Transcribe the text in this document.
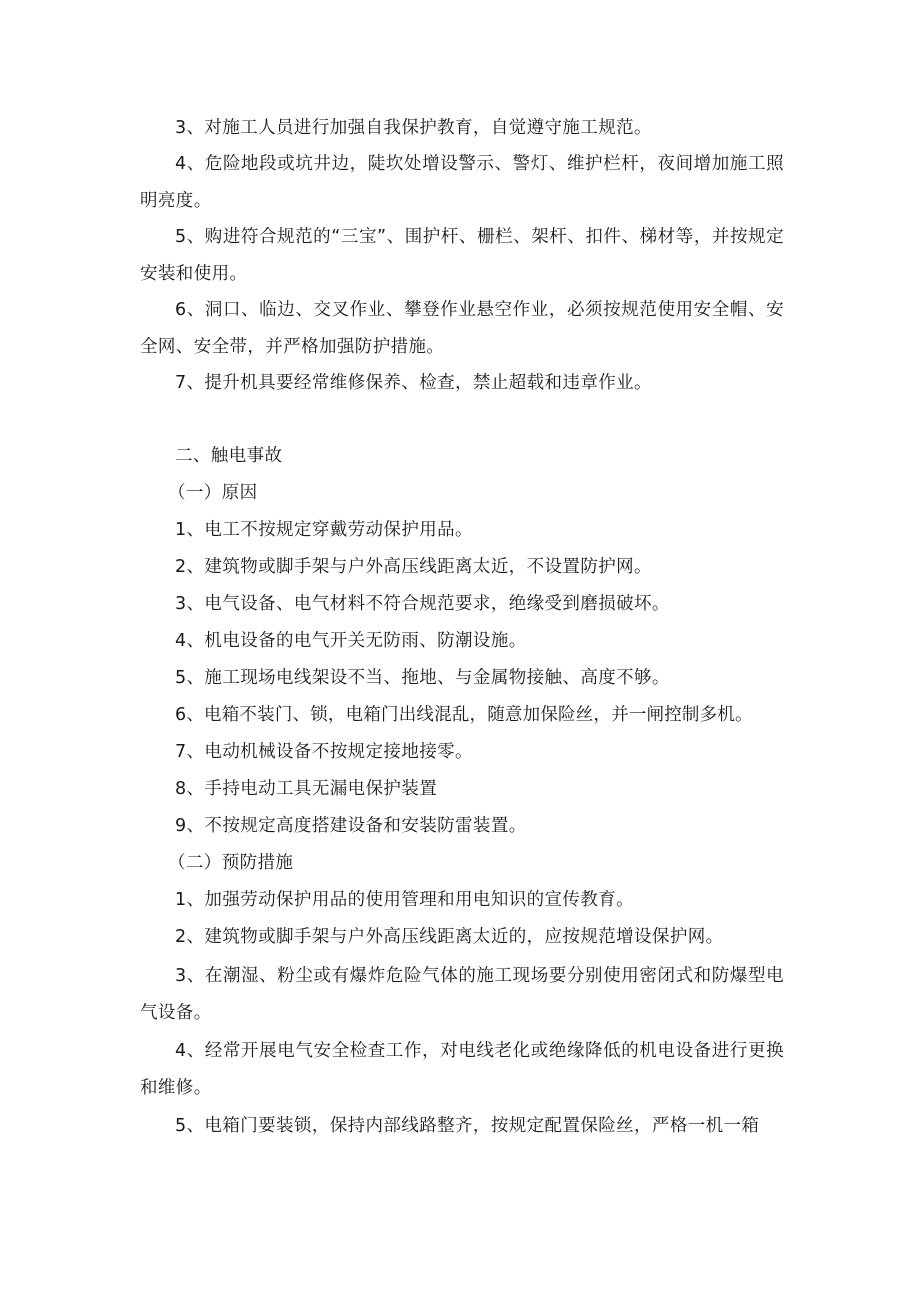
3、对施工人员进行加强自我保护教育，自觉遵守施工规范。
4、危险地段或坑井边，陡坎处增设警示、警灯、维护栏杆，夜间增加施工照明亮度。
5、购进符合规范的“三宝”、围护杆、栅栏、架杆、扣件、梯材等，并按规定安装和使用。
6、洞口、临边、交叉作业、攀登作业悬空作业，必须按规范使用安全帽、安全网、安全带，并严格加强防护措施。
7、提升机具要经常维修保养、检查，禁止超载和违章作业。
二、触电事故
（一）原因
1、电工不按规定穿戴劳动保护用品。
2、建筑物或脚手架与户外高压线距离太近，不设置防护网。
3、电气设备、电气材料不符合规范要求，绝缘受到磨损破坏。
4、机电设备的电气开关无防雨、防潮设施。
5、施工现场电线架设不当、拖地、与金属物接触、高度不够。
6、电箱不装门、锁，电箱门出线混乱，随意加保险丝，并一闸控制多机。
7、电动机械设备不按规定接地接零。
8、手持电动工具无漏电保护装置
9、不按规定高度搭建设备和安装防雷装置。
（二）预防措施
1、加强劳动保护用品的使用管理和用电知识的宣传教育。
2、建筑物或脚手架与户外高压线距离太近的，应按规范增设保护网。
3、在潮湿、粉尘或有爆炸危险气体的施工现场要分别使用密闭式和防爆型电气设备。
4、经常开展电气安全检查工作，对电线老化或绝缘降低的机电设备进行更换和维修。
5、电箱门要装锁，保持内部线路整齐，按规定配置保险丝，严格一机一箱
